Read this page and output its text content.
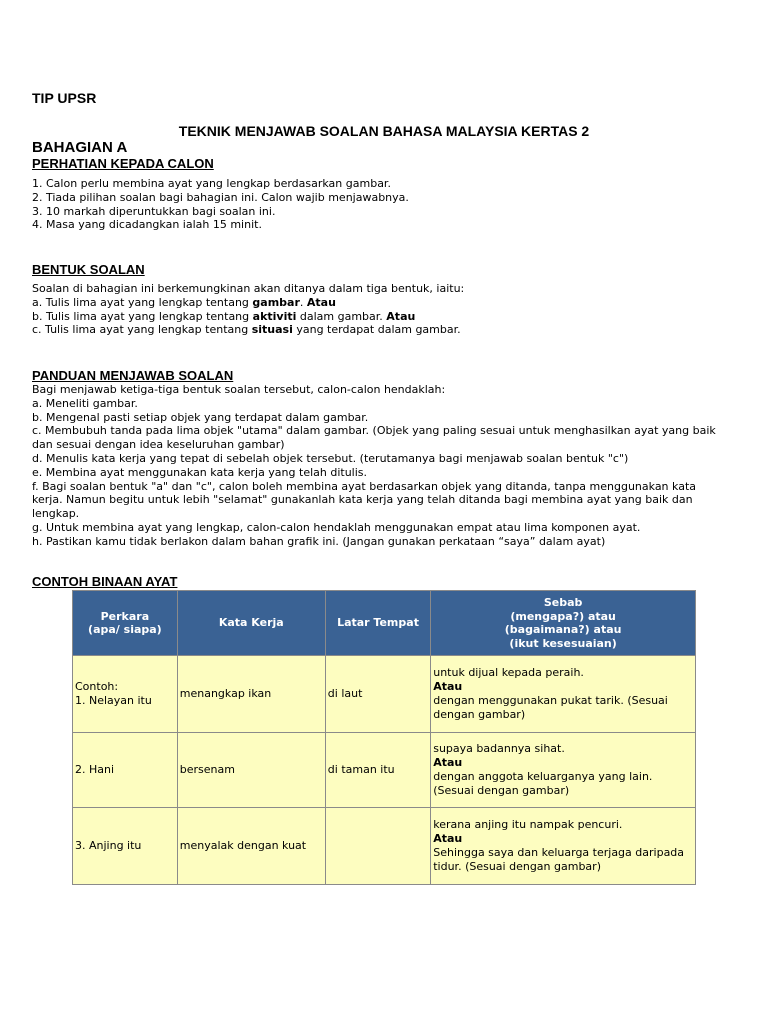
TIP UPSR
TEKNIK MENJAWAB SOALAN BAHASA MALAYSIA KERTAS 2
BAHAGIAN A
PERHATIAN KEPADA CALON
1. Calon perlu membina ayat yang lengkap berdasarkan gambar.
2. Tiada pilihan soalan bagi bahagian ini. Calon wajib menjawabnya.
3. 10 markah diperuntukkan bagi soalan ini.
4. Masa yang dicadangkan ialah 15 minit.
BENTUK SOALAN
Soalan di bahagian ini berkemungkinan akan ditanya dalam tiga bentuk, iaitu:
a. Tulis lima ayat yang lengkap tentang gambar. Atau
b. Tulis lima ayat yang lengkap tentang aktiviti dalam gambar. Atau
c. Tulis lima ayat yang lengkap tentang situasi yang terdapat dalam gambar.
PANDUAN MENJAWAB SOALAN
Bagi menjawab ketiga-tiga bentuk soalan tersebut, calon-calon hendaklah:
a. Meneliti gambar.
b. Mengenal pasti setiap objek yang terdapat dalam gambar.
c. Membubuh tanda pada lima objek "utama" dalam gambar. (Objek yang paling sesuai untuk menghasilkan ayat yang baik dan sesuai dengan idea keseluruhan gambar)
d. Menulis kata kerja yang tepat di sebelah objek tersebut. (terutamanya bagi menjawab soalan bentuk "c")
e. Membina ayat menggunakan kata kerja yang telah ditulis.
f. Bagi soalan bentuk "a" dan "c", calon boleh membina ayat berdasarkan objek yang ditanda, tanpa menggunakan kata kerja. Namun begitu untuk lebih "selamat" gunakanlah kata kerja yang telah ditanda bagi membina ayat yang baik dan lengkap.
g. Untuk membina ayat yang lengkap, calon-calon hendaklah menggunakan empat atau lima komponen ayat.
h. Pastikan kamu tidak berlakon dalam bahan grafik ini. (Jangan gunakan perkataan “saya” dalam ayat)
CONTOH BINAAN AYAT
Perkara
(apa/ siapa)	Kata Kerja	Latar Tempat	Sebab
(mengapa?) atau
(bagaimana?) atau
(ikut kesesuaian)
Contoh:
1. Nelayan itu	menangkap ikan	di laut	untuk dijual kepada peraih.
Atau
dengan menggunakan pukat tarik. (Sesuai dengan gambar)
2. Hani	bersenam	di taman itu	supaya badannya sihat.
Atau
dengan anggota keluarganya yang lain. (Sesuai dengan gambar)
3. Anjing itu	menyalak dengan kuat		kerana anjing itu nampak pencuri.
Atau
Sehingga saya dan keluarga terjaga daripada tidur. (Sesuai dengan gambar)
